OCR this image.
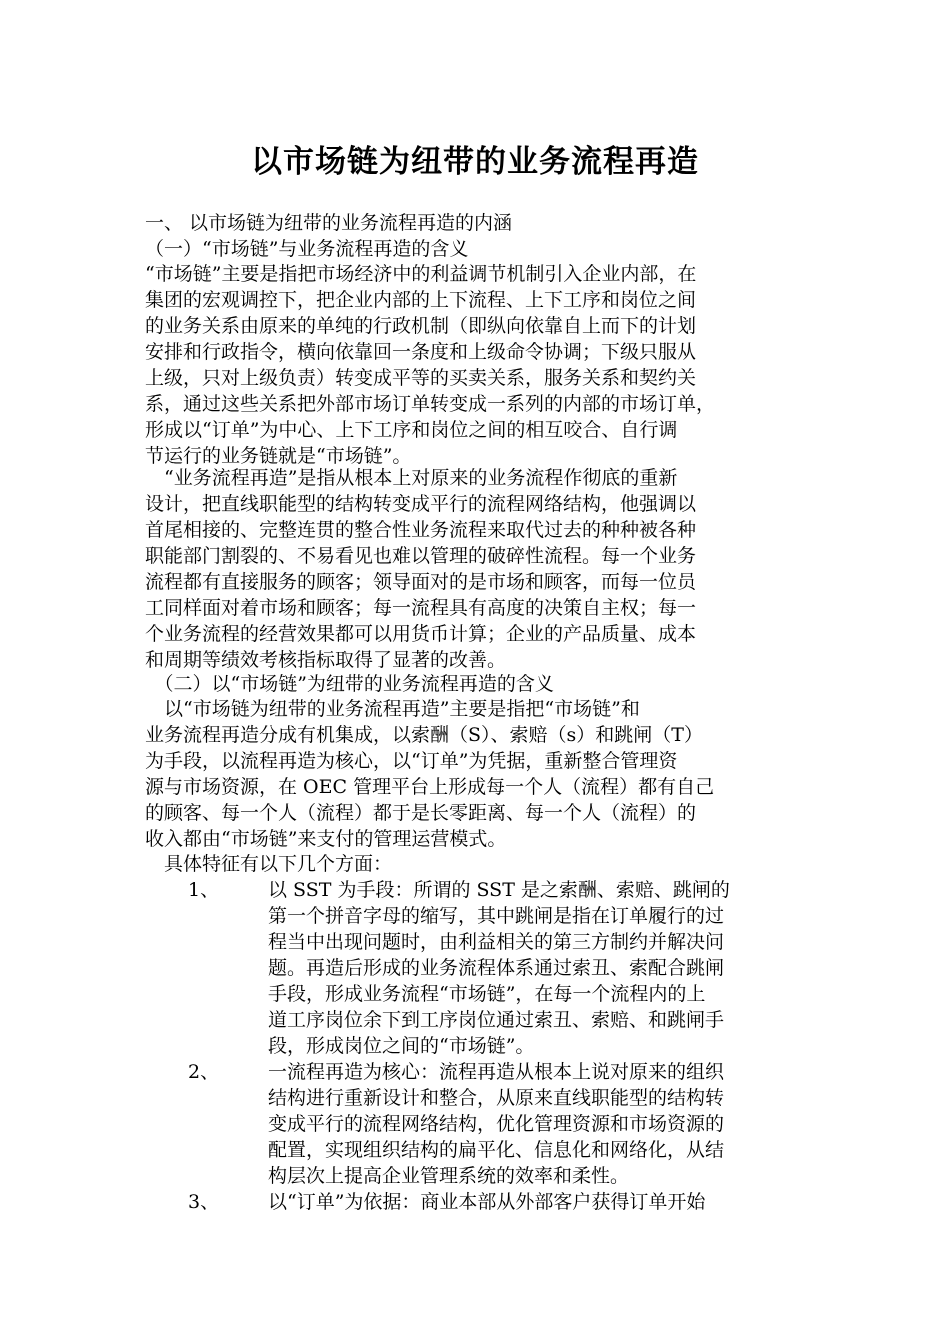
以市场链为纽带的业务流程再造
一、 以市场链为纽带的业务流程再造的内涵
（一）“市场链”与业务流程再造的含义
“市场链”主要是指把市场经济中的利益调节机制引入企业内部，在
集团的宏观调控下，把企业内部的上下流程、上下工序和岗位之间
的业务关系由原来的单纯的行政机制（即纵向依靠自上而下的计划
安排和行政指令，横向依靠回一条度和上级命令协调；下级只服从
上级，只对上级负责）转变成平等的买卖关系，服务关系和契约关
系，通过这些关系把外部市场订单转变成一系列的内部的市场订单，
形成以“订单”为中心、上下工序和岗位之间的相互咬合、自行调
节运行的业务链就是“市场链”。
　“业务流程再造”是指从根本上对原来的业务流程作彻底的重新
设计，把直线职能型的结构转变成平行的流程网络结构，他强调以
首尾相接的、完整连贯的整合性业务流程来取代过去的种种被各种
职能部门割裂的、不易看见也难以管理的破碎性流程。每一个业务
流程都有直接服务的顾客；领导面对的是市场和顾客，而每一位员
工同样面对着市场和顾客；每一流程具有高度的决策自主权；每一
个业务流程的经营效果都可以用货币计算；企业的产品质量、成本
和周期等绩效考核指标取得了显著的改善。
　（二）以“市场链”为纽带的业务流程再造的含义
　以“市场链为纽带的业务流程再造”主要是指把“市场链”和
业务流程再造分成有机集成，以索酬（S）、索赔（s）和跳闸（T）
为手段，以流程再造为核心，以“订单”为凭据，重新整合管理资
源与市场资源，在 OEC 管理平台上形成每一个人（流程）都有自己
的顾客、每一个人（流程）都于是长零距离、每一个人（流程）的
收入都由“市场链”来支付的管理运营模式。
　具体特征有以下几个方面：
1、	以 SST 为手段：所谓的 SST 是之索酬、索赔、跳闸的
第一个拼音字母的缩写，其中跳闸是指在订单履行的过
程当中出现问题时，由利益相关的第三方制约并解决问
题。再造后形成的业务流程体系通过索丑、索配合跳闸
手段，形成业务流程“市场链”，在每一个流程内的上
道工序岗位余下到工序岗位通过索丑、索赔、和跳闸手
段，形成岗位之间的“市场链”。
2、	一流程再造为核心：流程再造从根本上说对原来的组织
结构进行重新设计和整合，从原来直线职能型的结构转
变成平行的流程网络结构，优化管理资源和市场资源的
配置，实现组织结构的扁平化、信息化和网络化，从结
构层次上提高企业管理系统的效率和柔性。
3、	以“订单”为依据：商业本部从外部客户获得订单开始
